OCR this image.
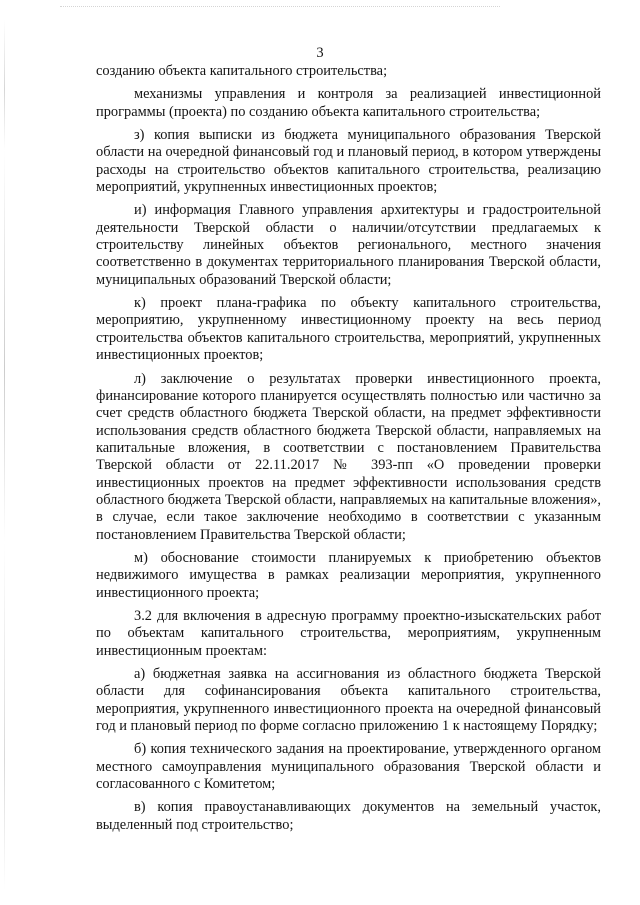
3

созданию объекта капитального строительства;

механизмы управления и контроля за реализацией инвестиционной программы (проекта) по созданию объекта капитального строительства;

з) копия выписки из бюджета муниципального образования Тверской области на очередной финансовый год и плановый период, в котором утверждены расходы на строительство объектов капитального строительства, реализацию мероприятий, укрупненных инвестиционных проектов;

и) информация Главного управления архитектуры и градостроительной деятельности Тверской области о наличии/отсутствии предлагаемых к строительству линейных объектов регионального, местного значения соответственно в документах территориального планирования Тверской области, муниципальных образований Тверской области;

к) проект плана-графика по объекту капитального строительства, мероприятию, укрупненному инвестиционному проекту на весь период строительства объектов капитального строительства, мероприятий, укрупненных инвестиционных проектов;

л) заключение о результатах проверки инвестиционного проекта, финансирование которого планируется осуществлять полностью или частично за счет средств областного бюджета Тверской области, на предмет эффективности использования средств областного бюджета Тверской области, направляемых на капитальные вложения, в соответствии с постановлением Правительства Тверской области от 22.11.2017 № 393-пп «О проведении проверки инвестиционных проектов на предмет эффективности использования средств областного бюджета Тверской области, направляемых на капитальные вложения», в случае, если такое заключение необходимо в соответствии с указанным постановлением Правительства Тверской области;

м) обоснование стоимости планируемых к приобретению объектов недвижимого имущества в рамках реализации мероприятия, укрупненного инвестиционного проекта;

3.2 для включения в адресную программу проектно-изыскательских работ по объектам капитального строительства, мероприятиям, укрупненным инвестиционным проектам:

а) бюджетная заявка на ассигнования из областного бюджета Тверской области для софинансирования объекта капитального строительства, мероприятия, укрупненного инвестиционного проекта на очередной финансовый год и плановый период по форме согласно приложению 1 к настоящему Порядку;

б) копия технического задания на проектирование, утвержденного органом местного самоуправления муниципального образования Тверской области и согласованного с Комитетом;

в) копия правоустанавливающих документов на земельный участок, выделенный под строительство;
